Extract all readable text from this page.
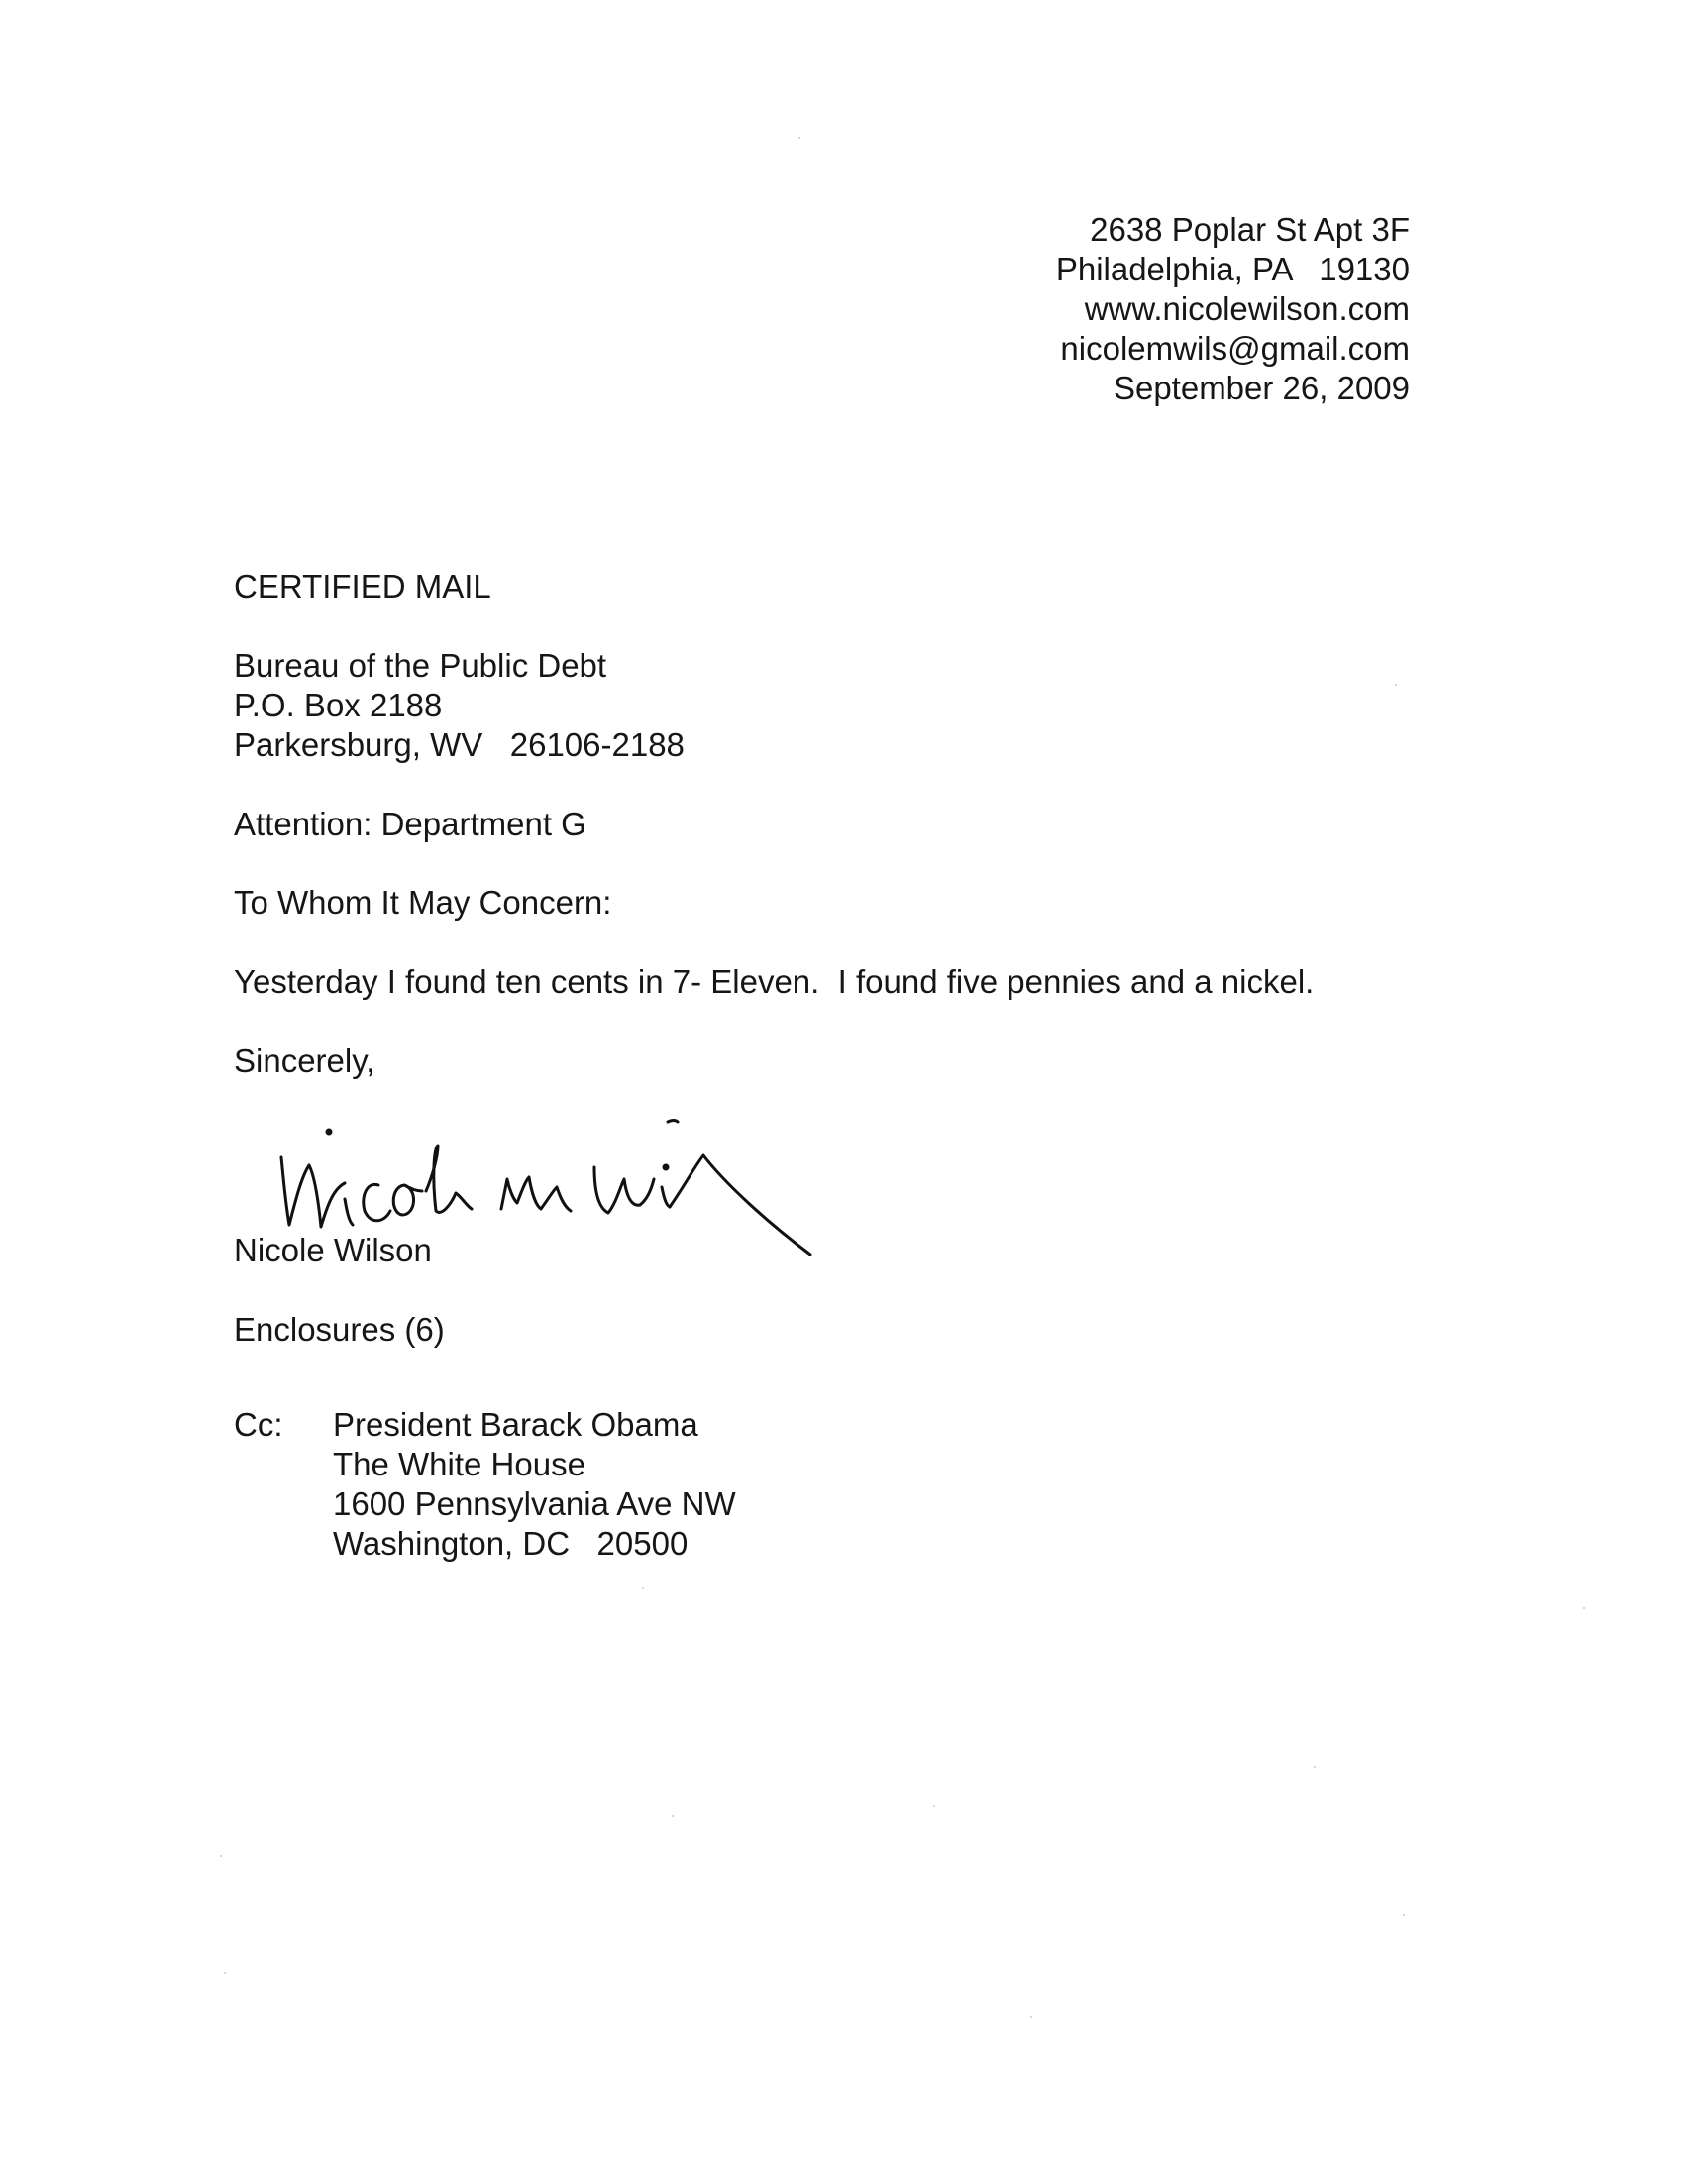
2638 Poplar St Apt 3F
Philadelphia, PA   19130
www.nicolewilson.com
nicolemwils@gmail.com
September 26, 2009
CERTIFIED MAIL
Bureau of the Public Debt
P.O. Box 2188
Parkersburg, WV   26106-2188
Attention: Department G
To Whom It May Concern:
Yesterday I found ten cents in 7- Eleven.  I found five pennies and a nickel.
Sincerely,
Nicole Wilson
Enclosures (6)
Cc: President Barack Obama
The White House
1600 Pennsylvania Ave NW
Washington, DC   20500
